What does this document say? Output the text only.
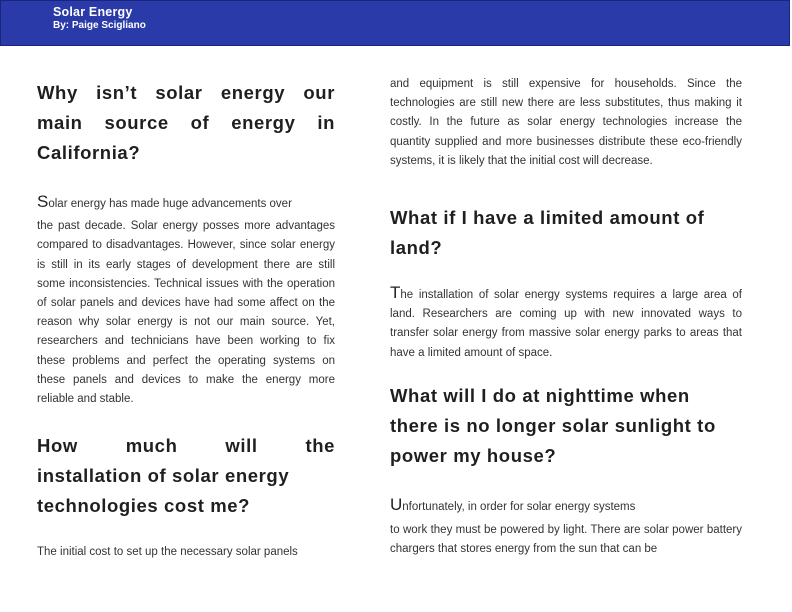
Solar Energy
By: Paige Scigliano
Why isn’t solar energy our main source of energy in California?

Solar energy has made huge advancements over

the past decade. Solar energy posses more advantages compared to disadvantages. However, since solar energy is still in its early stages of development there are still some inconsistencies. Technical issues with the operation of solar panels and devices have had some affect on the reason why solar energy is not our main source. Yet, researchers and technicians have been working to fix these problems and perfect the operating systems on these panels and devices to make the energy more reliable and stable.

How much will the
installation of solar energy technologies cost me?

The initial cost to set up the necessary solar panels

and equipment is still expensive for households. Since the technologies are still new there are less substitutes, thus making it costly. In the future as solar energy technologies increase the quantity supplied and more businesses distribute these eco-friendly systems, it is likely that the initial cost will decrease.

What if I have a limited amount of land?

The installation of solar energy systems requires a large area of land. Researchers are coming up with new innovated ways to transfer solar energy from massive solar energy parks to areas that have a limited amount of space.

What will I do at nighttime when there is no longer solar sunlight to power my house?

Unfortunately, in order for solar energy systems

to work they must be powered by light. There are solar power battery chargers that stores energy from the sun that can be
